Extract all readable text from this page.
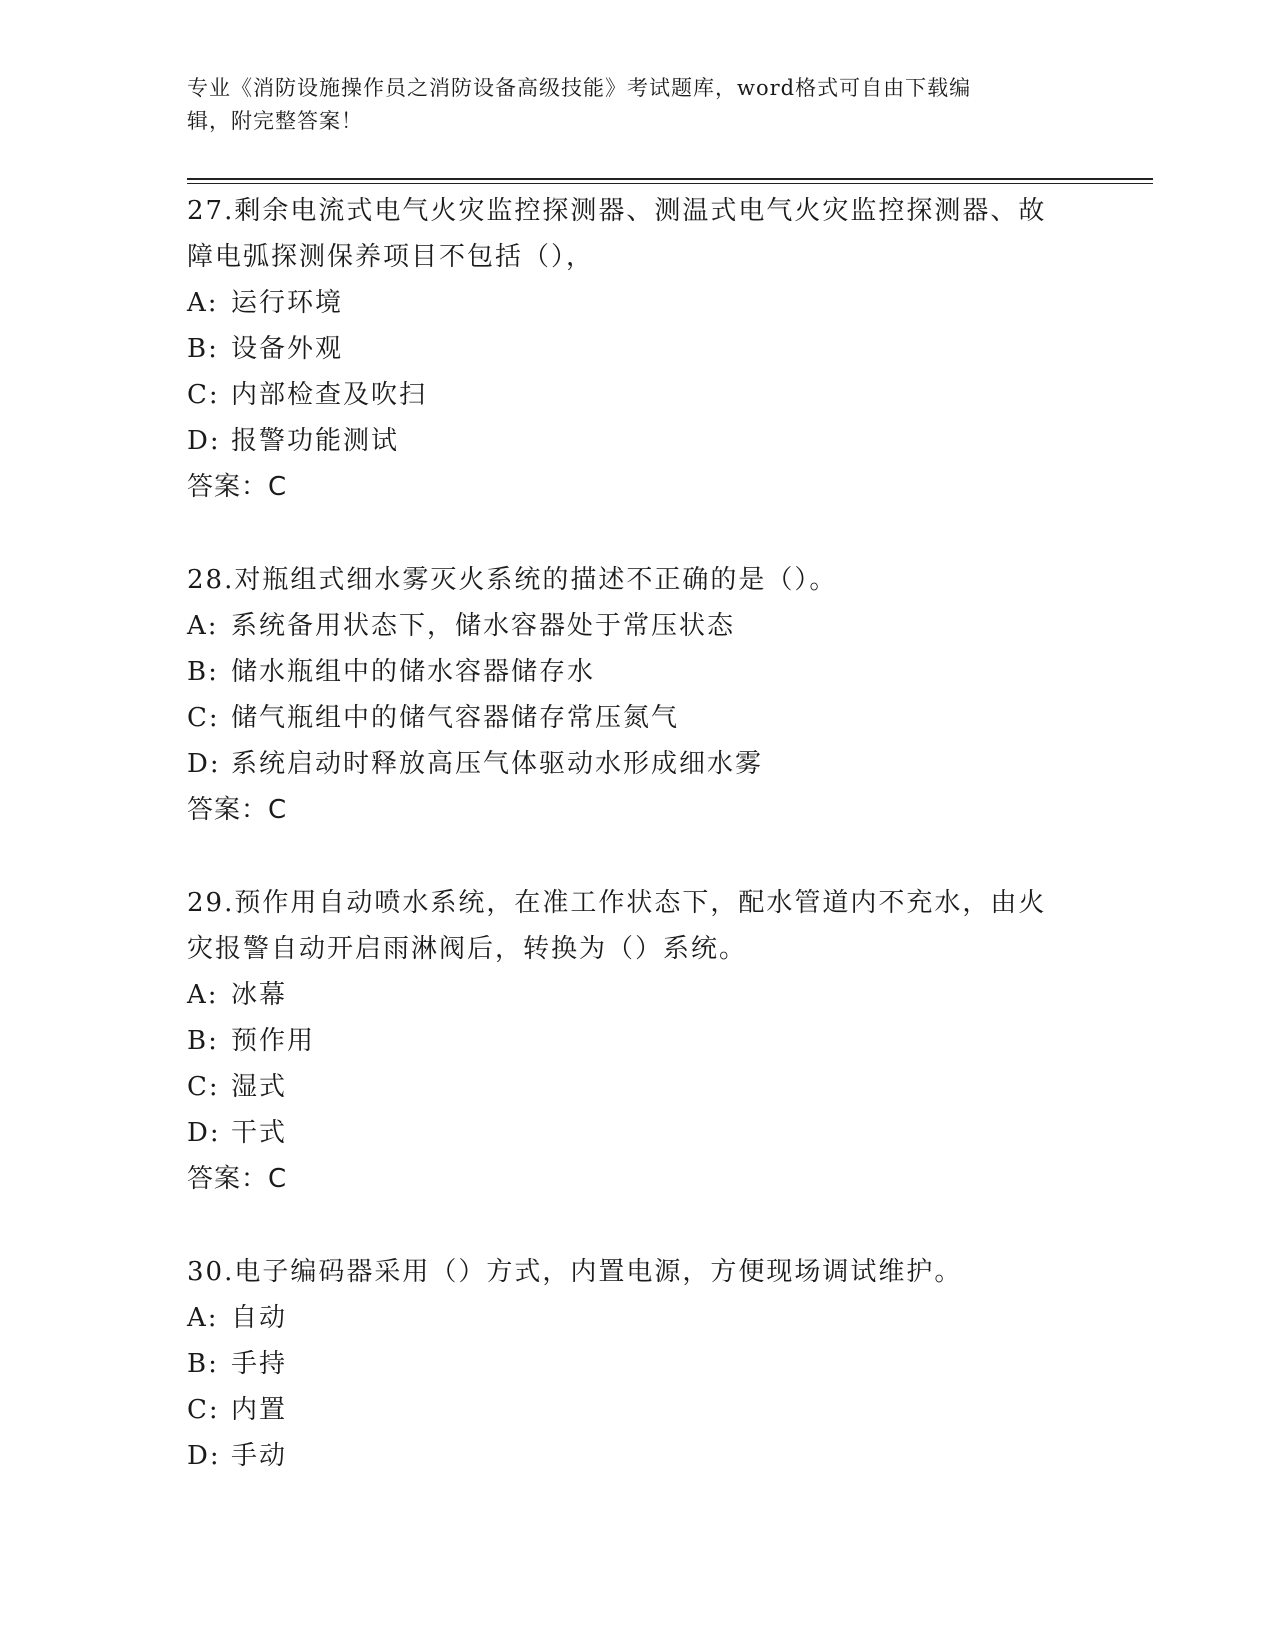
专业《消防设施操作员之消防设备高级技能》考试题库，word格式可自由下载编
辑，附完整答案！
27.剩余电流式电气火灾监控探测器、测温式电气火灾监控探测器、故
障电弧探测保养项目不包括（），
A: 运行环境
B: 设备外观
C: 内部检查及吹扫
D: 报警功能测试
答案：C
28.对瓶组式细水雾灭火系统的描述不正确的是（）。
A: 系统备用状态下，储水容器处于常压状态
B: 储水瓶组中的储水容器储存水
C: 储气瓶组中的储气容器储存常压氮气
D: 系统启动时释放高压气体驱动水形成细水雾
答案：C
29.预作用自动喷水系统，在准工作状态下，配水管道内不充水，由火
灾报警自动开启雨淋阀后，转换为（）系统。
A: 冰幕
B: 预作用
C: 湿式
D: 干式
答案：C
30.电子编码器采用（）方式，内置电源，方便现场调试维护。
A: 自动
B: 手持
C: 内置
D: 手动
